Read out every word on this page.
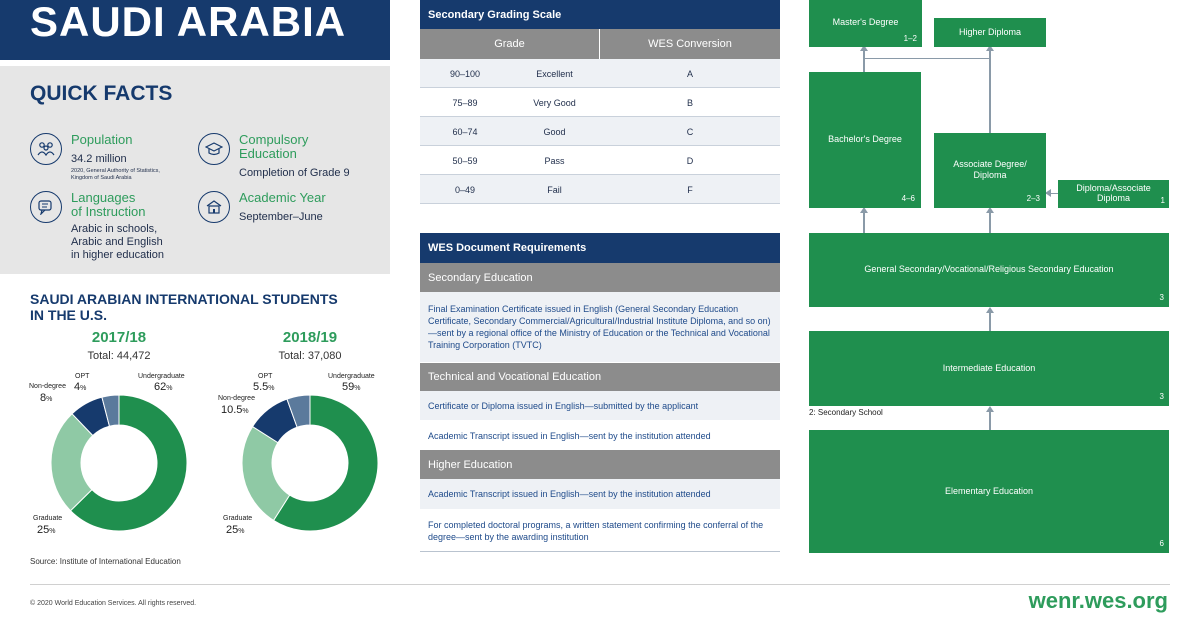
SAUDI ARABIA
QUICK FACTS
Population
34.2 million
2020, General Authority of Statistics,
Kingdom of Saudi Arabia
Compulsory
Education
Completion of Grade 9
Languages
of Instruction
Arabic in schools,
Arabic and English
in higher education
Academic Year
September–June
SAUDI ARABIAN INTERNATIONAL STUDENTS
IN THE U.S.
2017/18
Total: 44,472
Undergraduate
62%
Non-degree
8%
OPT
4%
Graduate
25%
2018/19
Total: 37,080
Undergraduate
59%
Non-degree
10.5%
OPT
5.5%
Graduate
25%
Source: Institute of International Education
Secondary Grading Scale
Grade	WES Conversion
90–100	Excellent	A
75–89	Very Good	B
60–74	Good	C
50–59	Pass	D
0–49	Fail	F
WES Document Requirements
Secondary Education
Final Examination Certificate issued in English (General Secondary Education Certificate, Secondary Commercial/Agricultural/Industrial Institute Diploma, and so on)—sent by a regional office of the Ministry of Education or the Technical and Vocational Training Corporation (TVTC)
Technical and Vocational Education
Certificate or Diploma issued in English—submitted by the applicant
Academic Transcript issued in English—sent by the institution attended
Higher Education
Academic Transcript issued in English—sent by the institution attended
For completed doctoral programs, a written statement confirming the conferral of the degree—sent by the awarding institution
Master's Degree
1–2
Higher Diploma
Bachelor's Degree
4–6
Associate Degree/
Diploma
2–3
Diploma/Associate
Diploma	1
General Secondary/Vocational/Religious Secondary Education
3
Intermediate Education
3
2: Secondary School
Elementary Education
6
© 2020 World Education Services. All rights reserved.	wenr.wes.org
